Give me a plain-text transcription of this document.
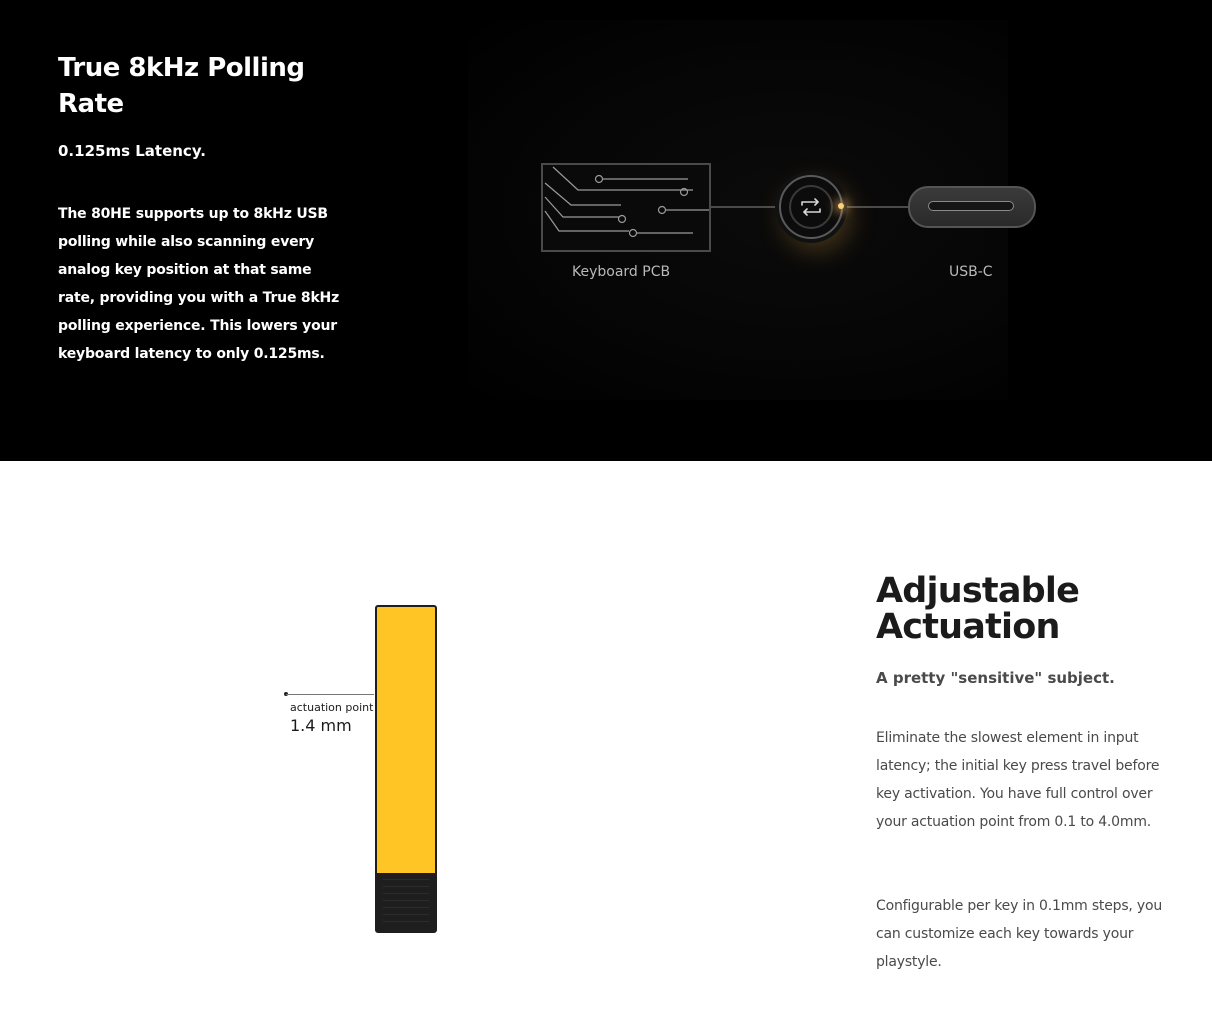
True 8kHz Polling Rate

0.125ms Latency.

The 80HE supports up to 8kHz USB polling while also scanning every analog key position at that same rate, providing you with a True 8kHz polling experience. This lowers your keyboard latency to only 0.125ms.

Keyboard PCB	USB-C
actuation point
1.4 mm
Adjustable Actuation

A pretty "sensitive" subject.

Eliminate the slowest element in input latency; the initial key press travel before key activation. You have full control over your actuation point from 0.1 to 4.0mm.

Configurable per key in 0.1mm steps, you can customize each key towards your playstyle.
